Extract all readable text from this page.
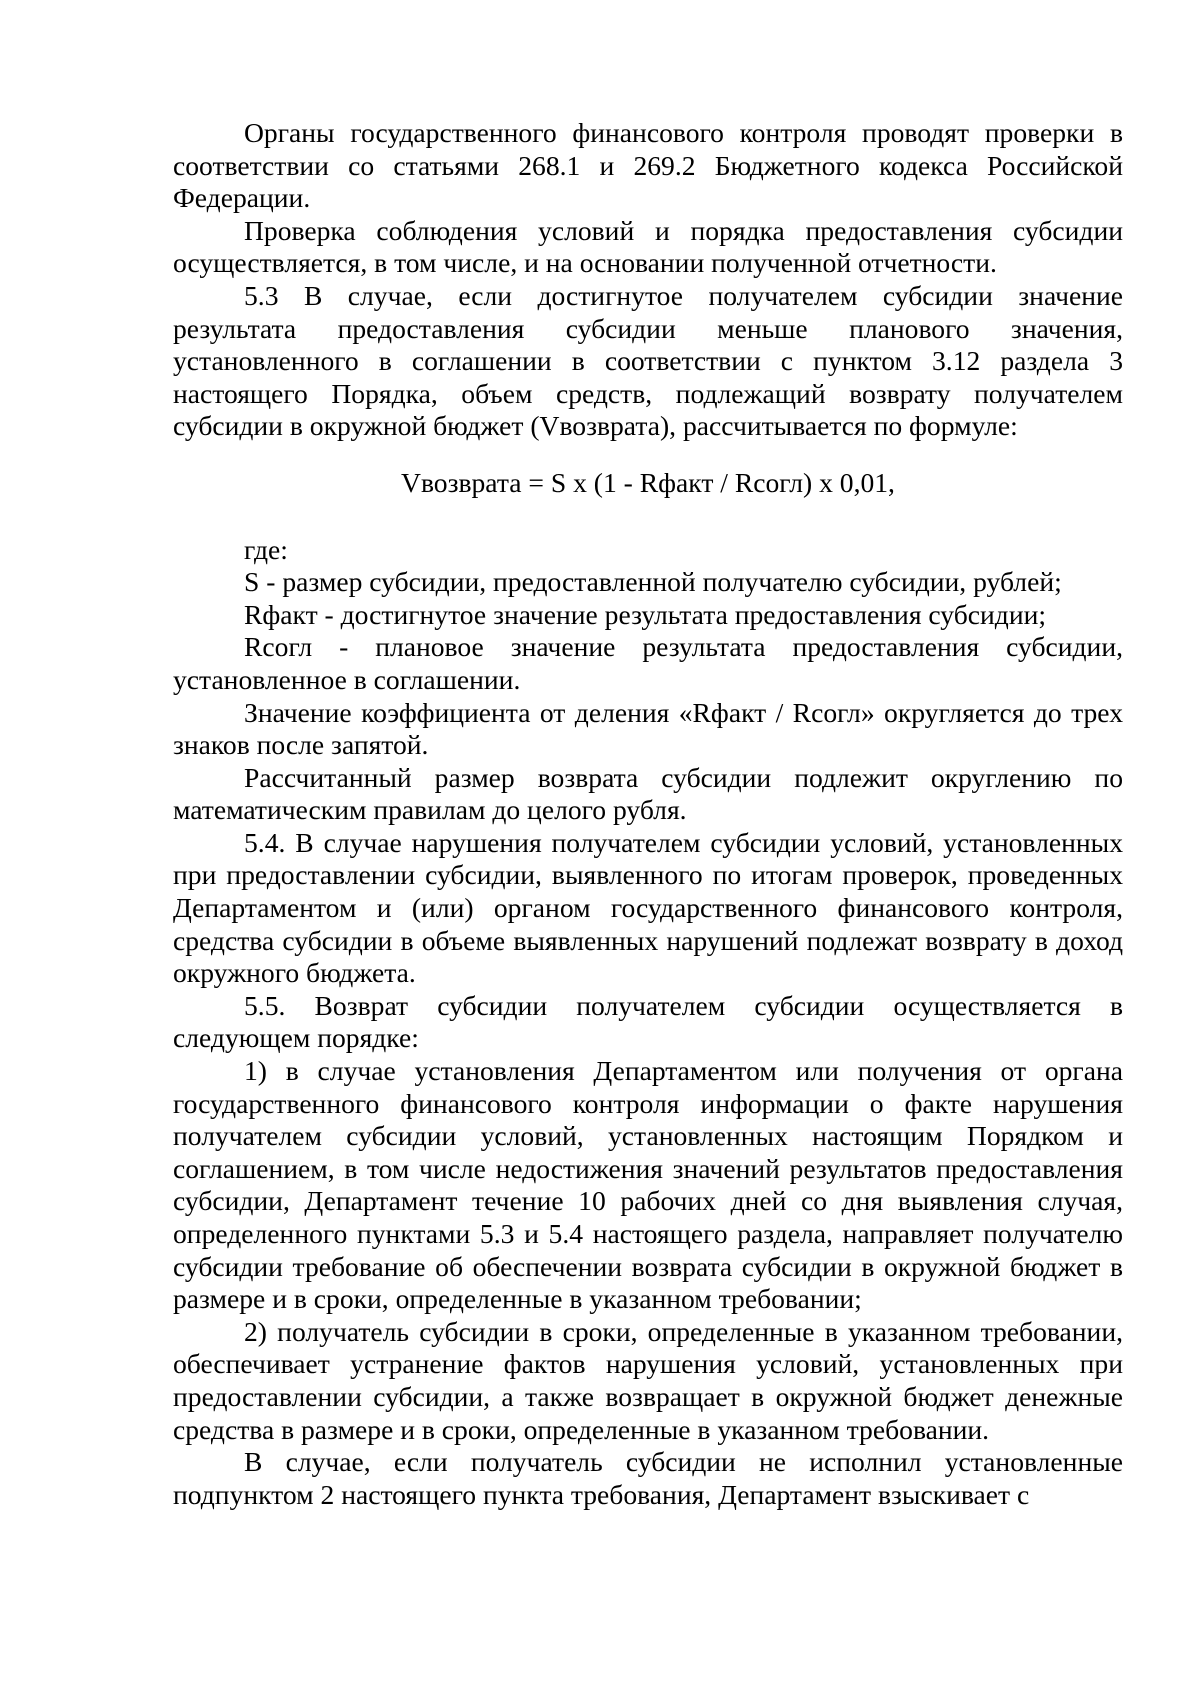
Органы государственного финансового контроля проводят проверки в соответствии со статьями 268.1 и 269.2 Бюджетного кодекса Российской Федерации.

Проверка соблюдения условий и порядка предоставления субсидии осуществляется, в том числе, и на основании полученной отчетности.

5.3 В случае, если достигнутое получателем субсидии значение результата предоставления субсидии меньше планового значения, установленного в соглашении в соответствии с пунктом 3.12 раздела 3 настоящего Порядка, объем средств, подлежащий возврату получателем субсидии в окружной бюджет (Vвозврата), рассчитывается по формуле:

Vвозврата = S x (1 - Rфакт / Rсогл) x 0,01,

где:

S - размер субсидии, предоставленной получателю субсидии, рублей;

Rфакт - достигнутое значение результата предоставления субсидии;

Rсогл - плановое значение результата предоставления субсидии, установленное в соглашении.

Значение коэффициента от деления «Rфакт / Rсогл» округляется до трех знаков после запятой.

Рассчитанный размер возврата субсидии подлежит округлению по математическим правилам до целого рубля.

5.4. В случае нарушения получателем субсидии условий, установленных при предоставлении субсидии, выявленного по итогам проверок, проведенных Департаментом и (или) органом государственного финансового контроля, средства субсидии в объеме выявленных нарушений подлежат возврату в доход окружного бюджета.

5.5. Возврат субсидии получателем субсидии осуществляется в следующем порядке:

1) в случае установления Департаментом или получения от органа государственного финансового контроля информации о факте нарушения получателем субсидии условий, установленных настоящим Порядком и соглашением, в том числе недостижения значений результатов предоставления субсидии, Департамент течение 10 рабочих дней со дня выявления случая, определенного пунктами 5.3 и 5.4 настоящего раздела, направляет получателю субсидии требование об обеспечении возврата субсидии в окружной бюджет в размере и в сроки, определенные в указанном требовании;

2) получатель субсидии в сроки, определенные в указанном требовании, обеспечивает устранение фактов нарушения условий, установленных при предоставлении субсидии, а также возвращает в окружной бюджет денежные средства в размере и в сроки, определенные в указанном требовании.

В случае, если получатель субсидии не исполнил установленные подпунктом 2 настоящего пункта требования, Департамент взыскивает с
